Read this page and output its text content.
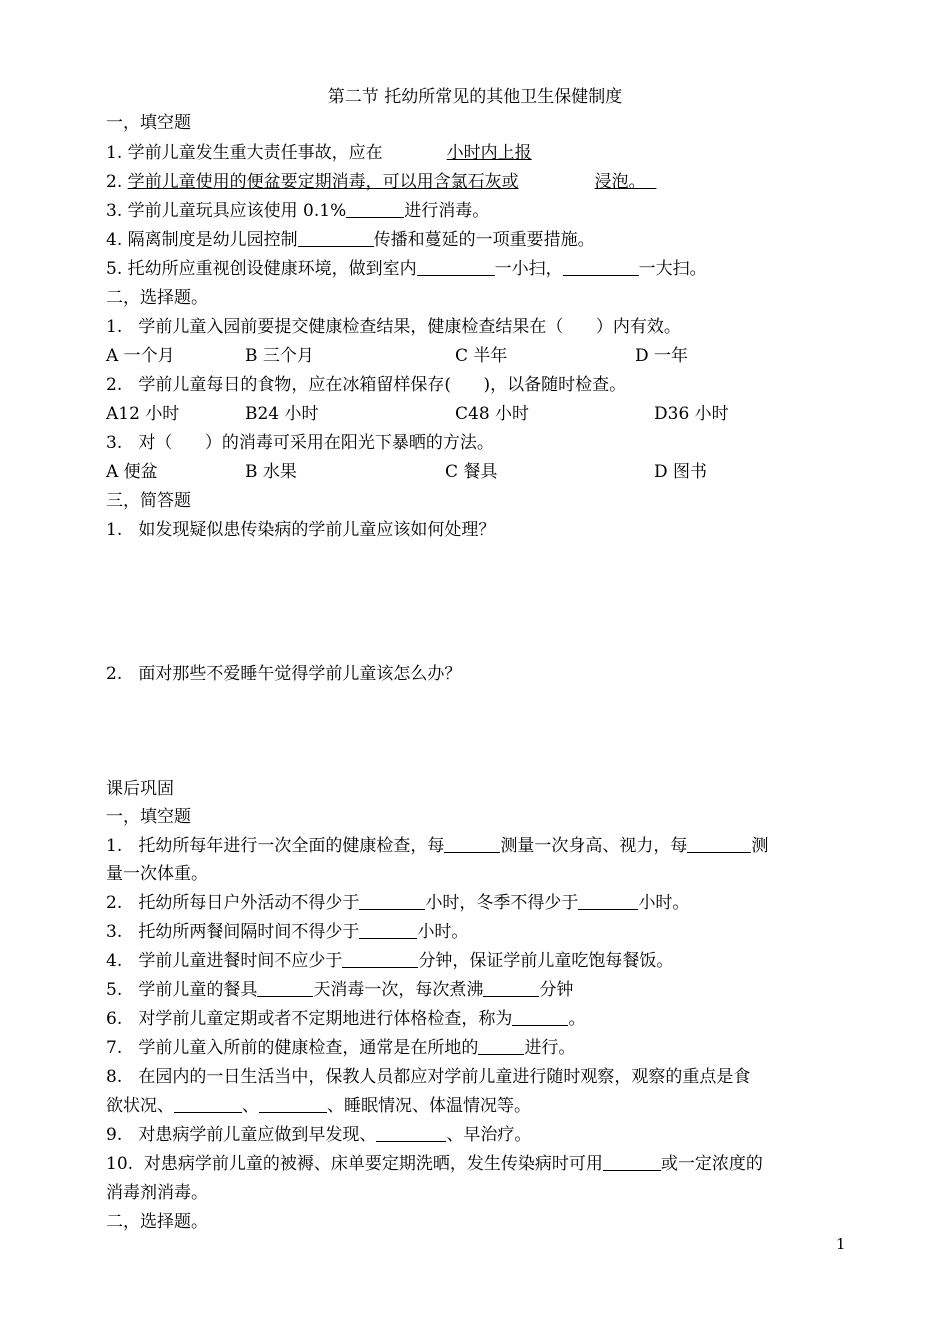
第二节 托幼所常见的其他卫生保健制度
一，填空题
1. 学前儿童发生重大责任事故，应在	小时内上报
2. 学前儿童使用的便盆要定期消毒，可以用含氯石灰或	浸泡。
3. 学前儿童玩具应该使用 0.1%	进行消毒。
4. 隔离制度是幼儿园控制	传播和蔓延的一项重要措施。
5. 托幼所应重视创设健康环境，做到室内	一小扫，	一大扫。
二，选择题。
1.   学前儿童入园前要提交健康检查结果，健康检查结果在（      ）内有效。
A 一个月	B 三个月	C 半年	D 一年
2.   学前儿童每日的食物，应在冰箱留样保存(      )，以备随时检查。
A12 小时	B24 小时	C48 小时	D36 小时
3.   对（      ）的消毒可采用在阳光下暴晒的方法。
A 便盆	B 水果	C 餐具	D 图书
三，简答题
1.   如发现疑似患传染病的学前儿童应该如何处理？
2.   面对那些不爱睡午觉得学前儿童该怎么办？
课后巩固
一，填空题
1.   托幼所每年进行一次全面的健康检查，每	测量一次身高、视力，每	测
量一次体重。
2.   托幼所每日户外活动不得少于	小时，冬季不得少于	小时。
3.   托幼所两餐间隔时间不得少于	小时。
4.   学前儿童进餐时间不应少于	分钟，保证学前儿童吃饱每餐饭。
5.   学前儿童的餐具	天消毒一次，每次煮沸	分钟
6.   对学前儿童定期或者不定期地进行体格检查，称为	。
7.   学前儿童入所前的健康检查，通常是在所地的	进行。
8.   在园内的一日生活当中，保教人员都应对学前儿童进行随时观察，观察的重点是食
欲状况、	、	、睡眠情况、体温情况等。
9.   对患病学前儿童应做到早发现、	、早治疗。
10.  对患病学前儿童的被褥、床单要定期洗晒，发生传染病时可用	或一定浓度的
消毒剂消毒。
二，选择题。
1
